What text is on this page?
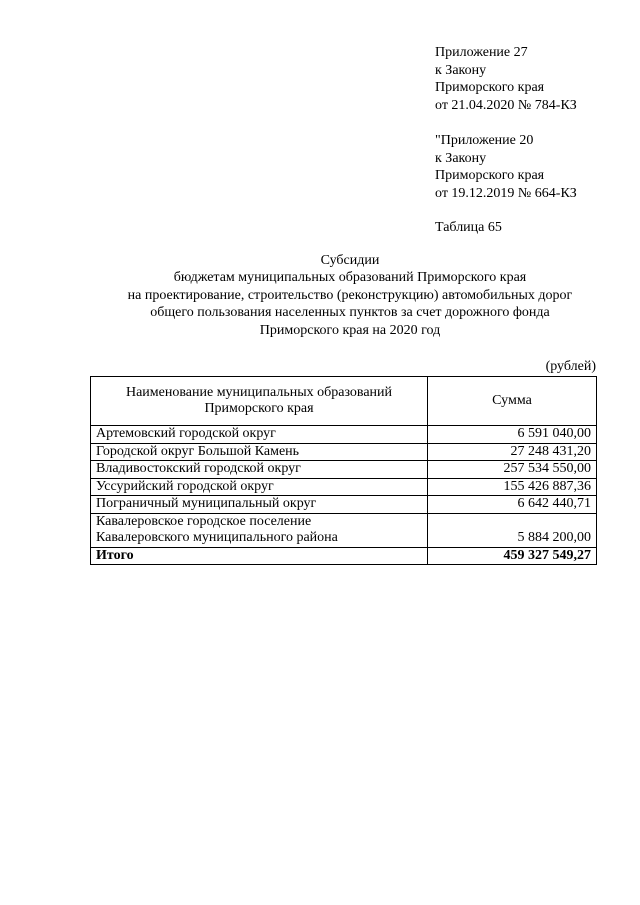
Приложение 27
к Закону
Приморского края
от 21.04.2020 № 784-КЗ
"Приложение 20
к Закону
Приморского края
от 19.12.2019 № 664-КЗ
Таблица 65
Субсидии
бюджетам муниципальных образований Приморского края
на проектирование, строительство (реконструкцию) автомобильных дорог
общего пользования населенных пунктов за счет дорожного фонда
Приморского края на 2020 год
(рублей)
Наименование муниципальных образований
Приморского края	Сумма

Артемовский городской округ	6 591 040,00

Городской округ Большой Камень	27 248 431,20

Владивостокский городской округ	257 534 550,00

Уссурийский городской округ	155 426 887,36

Пограничный муниципальный округ	6 642 440,71

Кавалеровское городское поселение
Кавалеровского муниципального района	5 884 200,00
Итого	459 327 549,27
